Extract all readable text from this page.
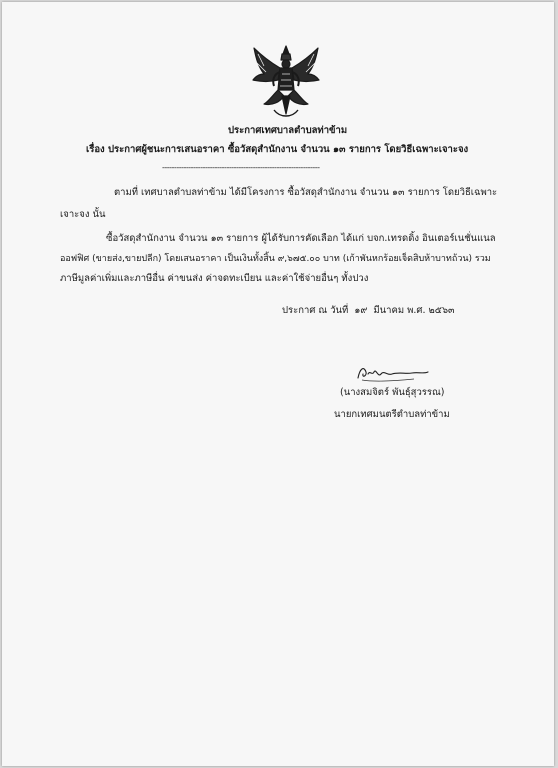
ประกาศเทศบาลตำบลท่าข้าม
เรื่อง ประกาศผู้ชนะการเสนอราคา ซื้อวัสดุสำนักงาน จำนวน ๑๓ รายการ โดยวิธีเฉพาะเจาะจง
------------------------------------------------------------------
ตามที่ เทศบาลตำบลท่าข้าม ได้มีโครงการ ซื้อวัสดุสำนักงาน จำนวน ๑๓ รายการ โดยวิธีเฉพาะ
เจาะจง นั้น
ซื้อวัสดุสำนักงาน จำนวน ๑๓ รายการ ผู้ได้รับการคัดเลือก ได้แก่ บจก.เทรดดิ้ง อินเตอร์เนชั่นแนล
ออฟฟิศ (ขายส่ง,ขายปลีก) โดยเสนอราคา เป็นเงินทั้งสิ้น ๙,๖๗๕.๐๐ บาท (เก้าพันหกร้อยเจ็ดสิบห้าบาทถ้วน) รวม
ภาษีมูลค่าเพิ่มและภาษีอื่น ค่าขนส่ง ค่าจดทะเบียน และค่าใช้จ่ายอื่นๆ ทั้งปวง
ประกาศ ณ วันที่ ๑๙ มีนาคม พ.ศ. ๒๕๖๓
(นางสมจิตร์ พันธุ์สุวรรณ)
นายกเทศมนตรีตำบลท่าข้าม
